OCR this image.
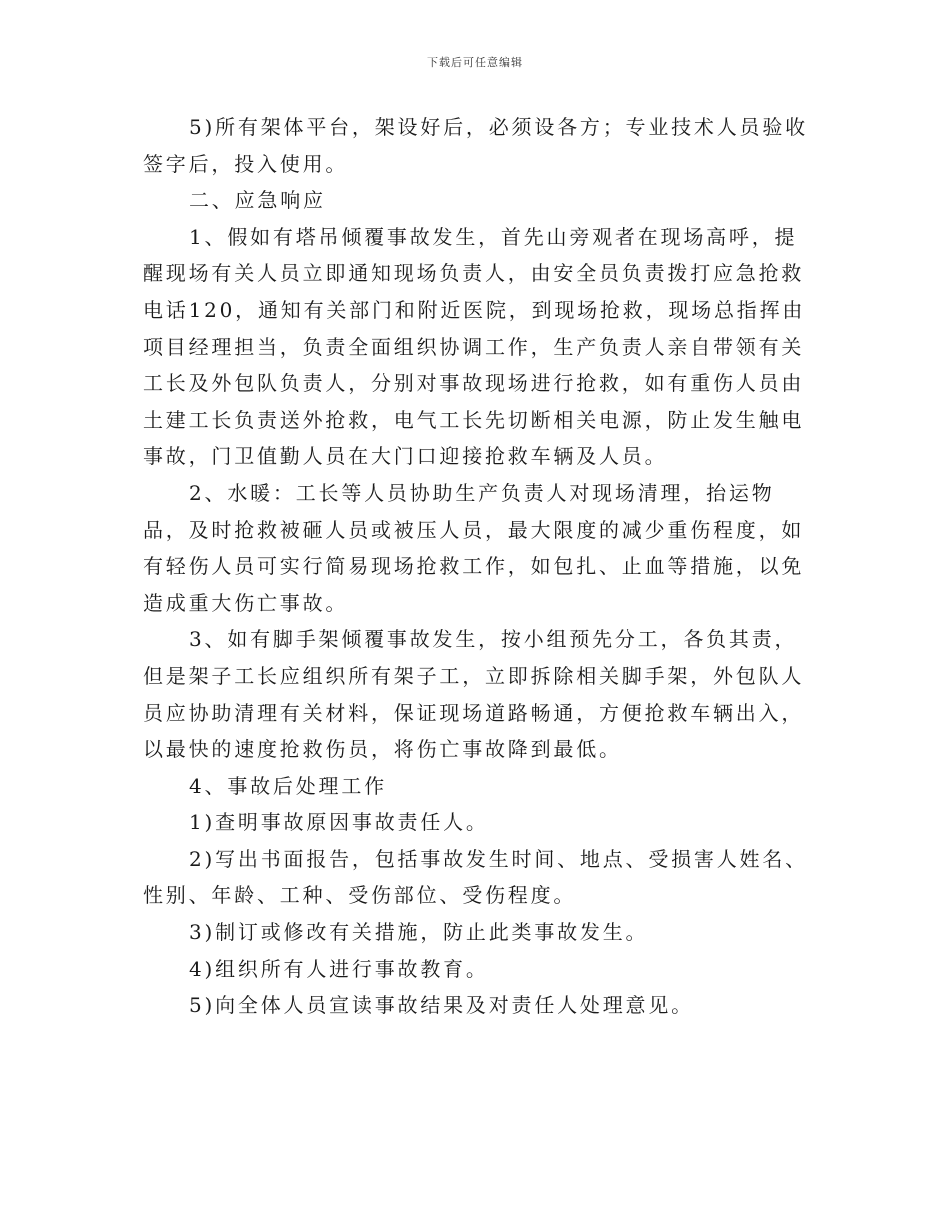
下载后可任意编辑

5)所有架体平台，架设好后，必须设各方；专业技术人员验收签字后，投入使用。

二、应急响应

1、假如有塔吊倾覆事故发生，首先山旁观者在现场高呼，提醒现场有关人员立即通知现场负责人，由安全员负责拨打应急抢救电话120，通知有关部门和附近医院，到现场抢救，现场总指挥由项目经理担当，负责全面组织协调工作，生产负责人亲自带领有关工长及外包队负责人，分别对事故现场进行抢救，如有重伤人员由土建工长负责送外抢救，电气工长先切断相关电源，防止发生触电事故，门卫值勤人员在大门口迎接抢救车辆及人员。

2、水暖：工长等人员协助生产负责人对现场清理，抬运物品，及时抢救被砸人员或被压人员，最大限度的减少重伤程度，如有轻伤人员可实行简易现场抢救工作，如包扎、止血等措施，以免造成重大伤亡事故。

3、如有脚手架倾覆事故发生，按小组预先分工，各负其责，但是架子工长应组织所有架子工，立即拆除相关脚手架，外包队人员应协助清理有关材料，保证现场道路畅通，方便抢救车辆出入，以最快的速度抢救伤员，将伤亡事故降到最低。

4、事故后处理工作

1)查明事故原因事故责任人。

2)写出书面报告，包括事故发生时间、地点、受损害人姓名、性别、年龄、工种、受伤部位、受伤程度。

3)制订或修改有关措施，防止此类事故发生。

4)组织所有人进行事故教育。

5)向全体人员宣读事故结果及对责任人处理意见。
